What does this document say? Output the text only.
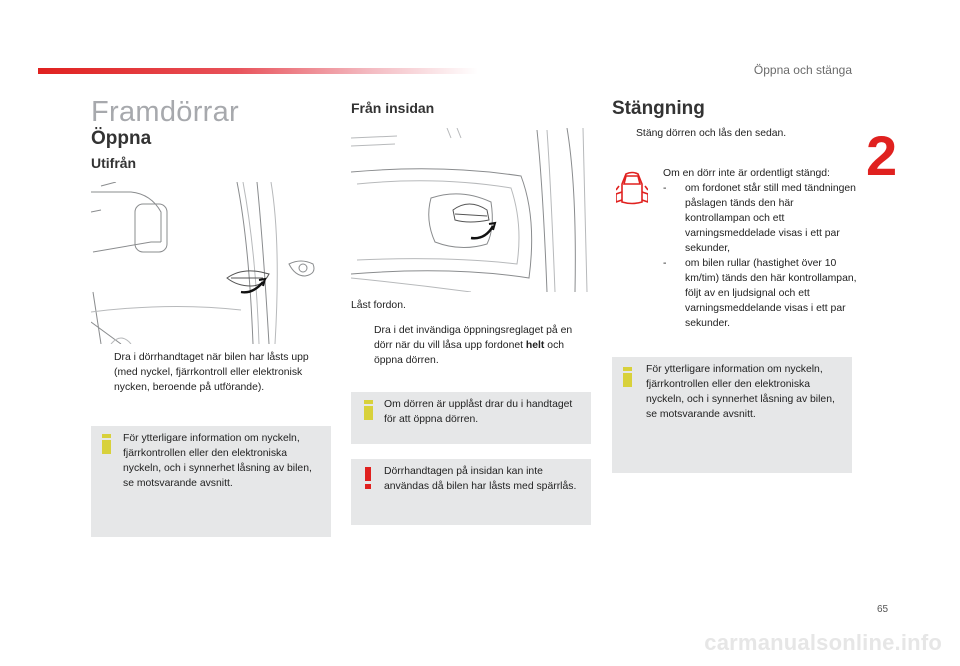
Öppna och stänga
2
Framdörrar
Öppna
Utifrån
Dra i dörrhandtaget när bilen har låsts upp (med nyckel, fjärrkontroll eller elektronisk nycken, beroende på utförande).
För ytterligare information om nyckeln, fjärrkontrollen eller den elektroniska nyckeln, och i synnerhet låsning av bilen, se motsvarande avsnitt.
Från insidan
Låst fordon.
Dra i det invändiga öppningsreglaget på en dörr när du vill låsa upp fordonet helt och öppna dörren.
Om dörren är upplåst drar du i handtaget för att öppna dörren.
Dörrhandtagen på insidan kan inte användas då bilen har låsts med spärrlås.
Stängning
Stäng dörren och lås den sedan.
Om en dörr inte är ordentligt stängd:
- om fordonet står still med tändningen påslagen tänds den här kontrollampan och ett varningsmeddelade visas i ett par sekunder,
- om bilen rullar (hastighet över 10 km/tim) tänds den här kontrollampan, följt av en ljudsignal och ett varningsmeddelande visas i ett par sekunder.
För ytterligare information om nyckeln, fjärrkontrollen eller den elektroniska nyckeln, och i synnerhet låsning av bilen, se motsvarande avsnitt.
65
carmanualsonline.info
